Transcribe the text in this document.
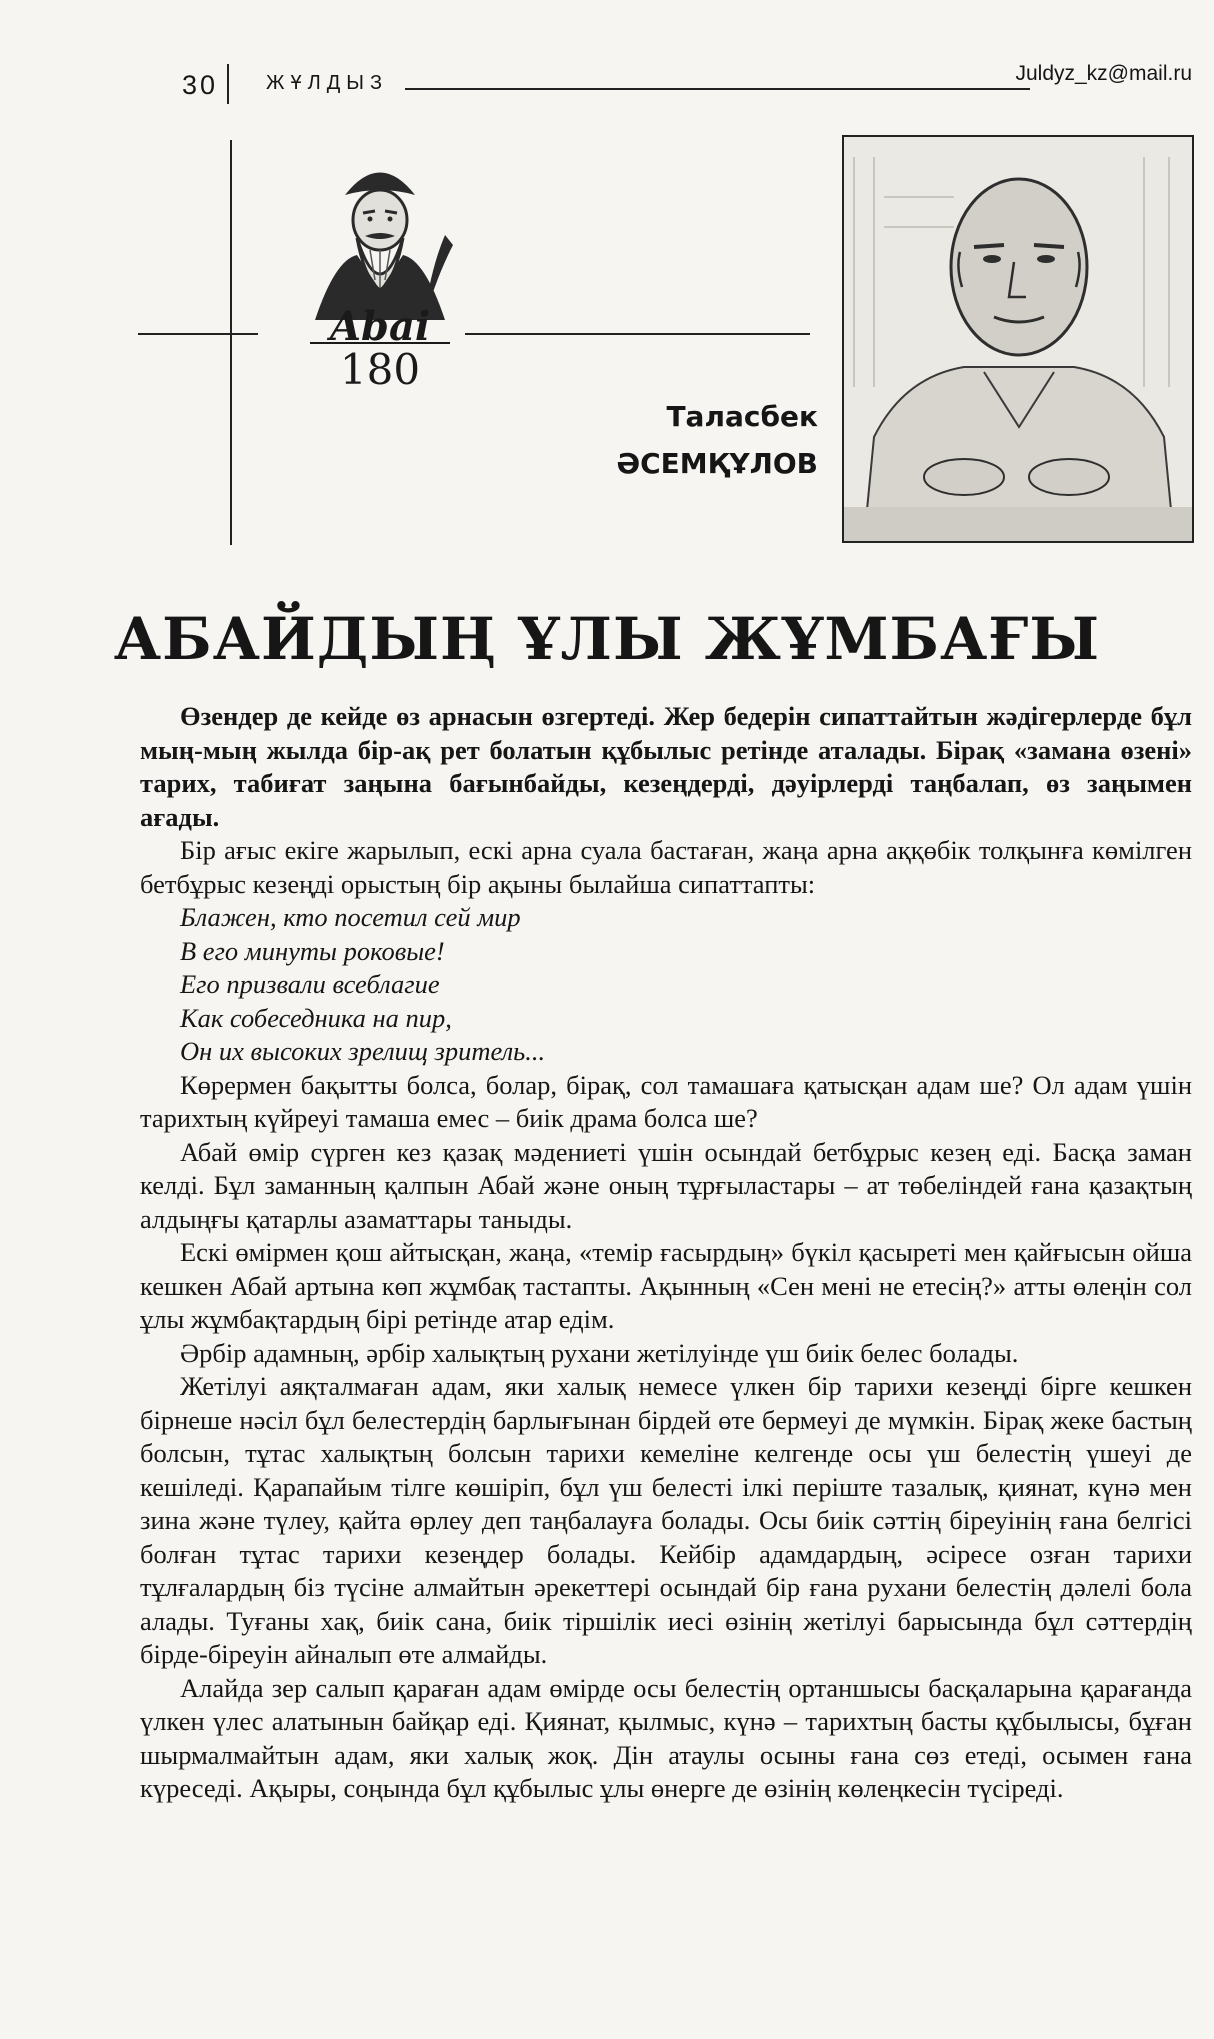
30 ЖҰЛДЫЗ	Juldyz_kz@mail.ru
Abai
180
Таласбек
ӘСЕМҚҰЛОВ
АБАЙДЫҢ ҰЛЫ ЖҰМБАҒЫ

Өзендер де кейде өз арнасын өзгертеді. Жер бедерін сипаттайтын жәдігерлерде бұл мың-мың жылда бір-ақ рет болатын құбылыс ретінде аталады. Бірақ «замана өзені» тарих, табиғат заңына бағынбайды, кезеңдерді, дәуірлерді таңбалап, өз заңымен ағады.

Бір ағыс екіге жарылып, ескі арна суала бастаған, жаңа арна аққөбік толқынға көмілген бетбұрыс кезеңді орыстың бір ақыны былайша сипаттапты:

Блажен, кто посетил сей мир

В его минуты роковые!

Его призвали всеблагие

Как собеседника на пир,

Он их высоких зрелищ зритель...

Көрермен бақытты болса, болар, бірақ, сол тамашаға қатысқан адам ше? Ол адам үшін тарихтың күйреуі тамаша емес – биік драма болса ше?

Абай өмір сүрген кез қазақ мәдениеті үшін осындай бетбұрыс кезең еді. Басқа заман келді. Бұл заманның қалпын Абай және оның тұрғыластары – ат төбеліндей ғана қазақтың алдыңғы қатарлы азаматтары таныды.

Ескі өмірмен қош айтысқан, жаңа, «темір ғасырдың» бүкіл қасыреті мен қайғысын ойша кешкен Абай артына көп жұмбақ тастапты. Ақынның «Сен мені не етесің?» атты өлеңін сол ұлы жұмбақтардың бірі ретінде атар едім.

Әрбір адамның, әрбір халықтың рухани жетілуінде үш биік белес болады.

Жетілуі аяқталмаған адам, яки халық немесе үлкен бір тарихи кезеңді бірге кешкен бірнеше нәсіл бұл белестердің барлығынан бірдей өте бермеуі де мүмкін. Бірақ жеке бастың болсын, тұтас халықтың болсын тарихи кемеліне келгенде осы үш белестің үшеуі де кешіледі. Қарапайым тілге көшіріп, бұл үш белесті ілкі періште тазалық, қиянат, күнә мен зина және түлеу, қайта өрлеу деп таңбалауға болады. Осы биік сәттің біреуінің ғана белгісі болған тұтас тарихи кезеңдер болады. Кейбір адамдардың, әсіресе озған тарихи тұлғалардың біз түсіне алмайтын әрекеттері осындай бір ғана рухани белестің дәлелі бола алады. Туғаны хақ, биік сана, биік тіршілік иесі өзінің жетілуі барысында бұл сәттердің бірде-біреуін айналып өте алмайды.

Алайда зер салып қараған адам өмірде осы белестің ортаншысы басқаларына қарағанда үлкен үлес алатынын байқар еді. Қиянат, қылмыс, күнә – тарихтың басты құбылысы, бұған шырмалмайтын адам, яки халық жоқ. Дін атаулы осыны ғана сөз етеді, осымен ғана күреседі. Ақыры, соңында бұл құбылыс ұлы өнерге де өзінің көлеңкесін түсіреді.
